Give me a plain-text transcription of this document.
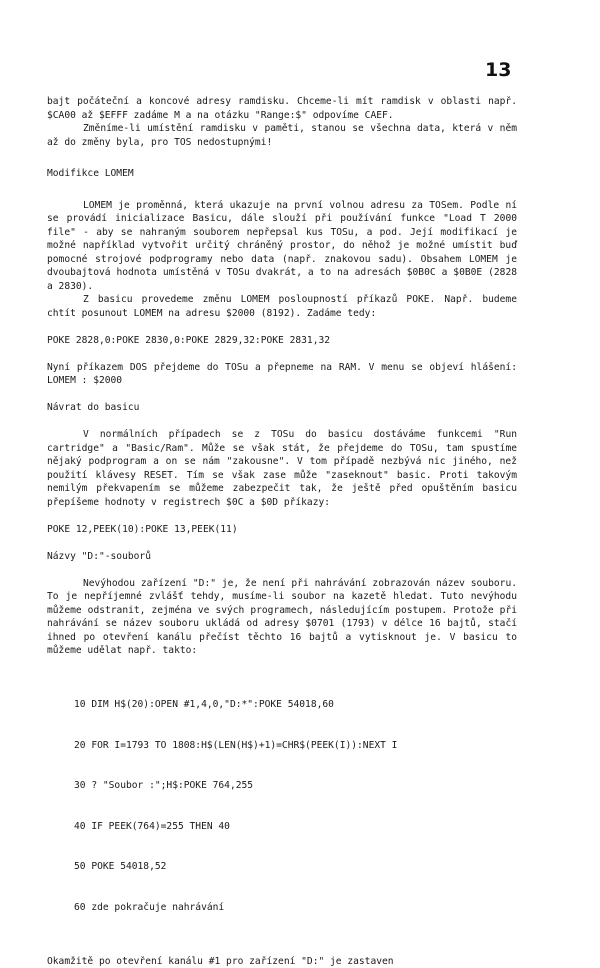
13

bajt počáteční a koncové adresy ramdisku. Chceme-li mít ramdisk v oblasti např. $CA00 až $EFFF zadáme M a na otázku "Range:$" odpovíme CAEF.

Změníme-li umístění ramdisku v paměti, stanou se všechna data, která v něm až do změny byla, pro TOS nedostupnými!

Modifikce LOMEM

LOMEM je proměnná, která ukazuje na první volnou adresu za TOSem. Podle ní se provádí inicializace Basicu, dále slouží při používání funkce "Load T 2000 file" - aby se nahraným souborem nepřepsal kus TOSu, a pod. Její modifikací je možné například vytvořit určitý chráněný prostor, do něhož je možné umístit buď pomocné strojové podprogramy nebo data (např. znakovou sadu). Obsahem LOMEM je dvoubajtová hodnota umístěná v TOSu dvakrát, a to na adresách $0B0C a $0B0E (2828 a 2830).

Z basicu provedeme změnu LOMEM posloupností příkazů POKE. Např. budeme chtít posunout LOMEM na adresu $2000 (8192). Zadáme tedy:

POKE 2828,0:POKE 2830,0:POKE 2829,32:POKE 2831,32

Nyní příkazem DOS přejdeme do TOSu a přepneme na RAM. V menu se objeví hlášení: LOMEM : $2000

Návrat do basicu

V normálních případech se z TOSu do basicu dostáváme funkcemi "Run cartridge" a "Basic/Ram". Může se však stát, že přejdeme do TOSu, tam spustíme nějaký podprogram a on se nám "zakousne". V tom případě nezbývá nic jiného, než použití klávesy RESET. Tím se však zase může "zaseknout" basic. Proti takovým nemilým překvapením se můžeme zabezpečit tak, že ještě před opuštěním basicu přepíšeme hodnoty v registrech $0C a $0D příkazy:

POKE 12,PEEK(10):POKE 13,PEEK(11)

Názvy "D:"-souborů

Nevýhodou zařízení "D:" je, že není při nahrávání zobrazován název souboru. To je nepříjemné zvlášť tehdy, musíme-li soubor na kazetě hledat. Tuto nevýhodu můžeme odstranit, zejména ve svých programech, následujícím postupem. Protože při nahrávání se název souboru ukládá od adresy $0701 (1793) v délce 16 bajtů, stačí ihned po otevření kanálu přečíst těchto 16 bajtů a vytisknout je. V basicu to můžeme udělat např. takto:

10 DIM H$(20):OPEN #1,4,0,"D:*":POKE 54018,60

20 FOR I=1793 TO 1808:H$(LEN(H$)+1)=CHR$(PEEK(I)):NEXT I

30 ? "Soubor :";H$:POKE 764,255

40 IF PEEK(764)=255 THEN 40

50 POKE 54018,52

60 zde pokračuje nahrávání

Okamžitě po otevření kanálu #1 pro zařízení "D:" je zastaven
